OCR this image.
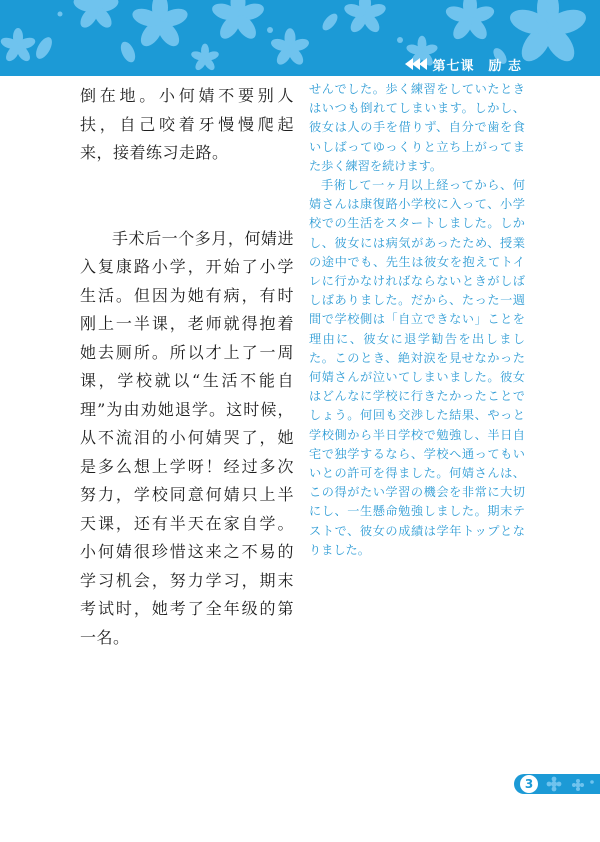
第七课　励 志

倒在地。小何婧不要别人扶，自己咬着牙慢慢爬起来，接着练习走路。

手术后一个多月，何婧进入复康路小学，开始了小学生活。但因为她有病，有时刚上一半课，老师就得抱着她去厕所。所以才上了一周课，学校就以“生活不能自理”为由劝她退学。这时候，从不流泪的小何婧哭了，她是多么想上学呀！经过多次努力，学校同意何婧只上半天课，还有半天在家自学。小何婧很珍惜这来之不易的学习机会，努力学习，期末考试时，她考了全年级的第一名。

せんでした。歩く練習をしていたときはいつも倒れてしまいます。しかし、彼女は人の手を借りず、自分で歯を食いしばってゆっくりと立ち上がってまた歩く練習を続けます。

手術して一ヶ月以上経ってから、何婧さんは康復路小学校に入って、小学校での生活をスタートしました。しかし、彼女には病気があったため、授業の途中でも、先生は彼女を抱えてトイレに行かなければならないときがしばしばありました。だから、たった一週間で学校側は「自立できない」ことを理由に、彼女に退学勧告を出しました。このとき、絶対涙を見せなかった何婧さんが泣いてしまいました。彼女はどんなに学校に行きたかったことでしょう。何回も交渉した結果、やっと学校側から半日学校で勉強し、半日自宅で独学するなら、学校へ通ってもいいとの許可を得ました。何婧さんは、この得がたい学習の機会を非常に大切にし、一生懸命勉強しました。期末テストで、彼女の成績は学年トップとなりました。

3
